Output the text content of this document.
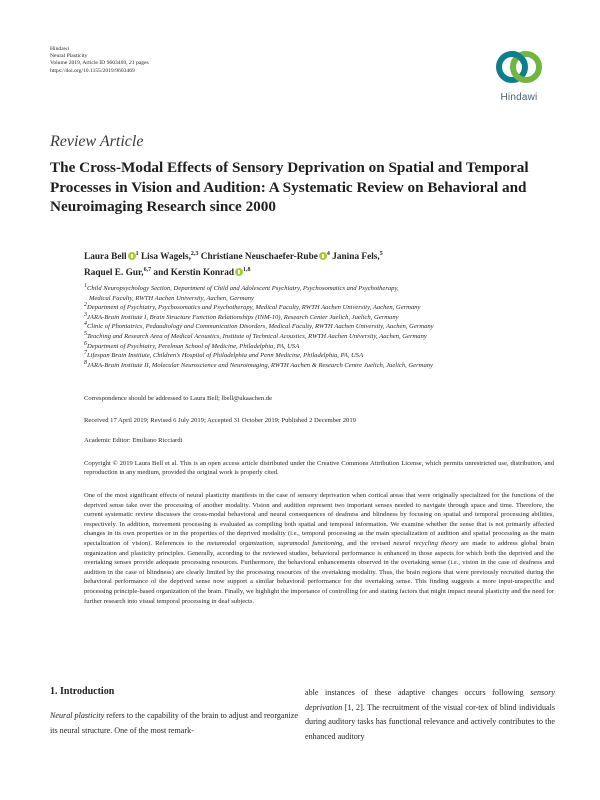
Hindawi
Neural Plasticity
Volume 2019, Article ID 9603469, 21 pages
https://doi.org/10.1155/2019/9603469
Hindawi
Review Article
The Cross-Modal Effects of Sensory Deprivation on Spatial and Temporal Processes in Vision and Audition: A Systematic Review on Behavioral and Neuroimaging Research since 2000
Laura Bell $^1$ Lisa Wagels,$^{2,3}$ Christiane Neuschaefer-Rube $^4$ Janina Fels,$^5$
Raquel E. Gur,$^{6,7}$ and Kerstin Konrad $^{1,8}$
$^1$Child Neuropsychology Section, Department of Child and Adolescent Psychiatry, Psychosomatics and Psychotherapy,
Medical Faculty, RWTH Aachen University, Aachen, Germany
$^2$Department of Psychiatry, Psychosomatics and Psychotherapy, Medical Faculty, RWTH Aachen University, Aachen, Germany
$^3$JARA-Brain Institute I, Brain Structure Function Relationships (INM-10), Research Center Juelich, Juelich, Germany
$^4$Clinic of Phoniatrics, Pedaudiology and Communication Disorders, Medical Faculty, RWTH Aachen University, Aachen, Germany
$^5$Teaching and Research Area of Medical Acoustics, Institute of Technical Acoustics, RWTH Aachen University, Aachen, Germany
$^6$Department of Psychiatry, Perelman School of Medicine, Philadelphia, PA, USA
$^7$Lifespan Brain Institute, Children's Hospital of Philadelphia and Penn Medicine, Philadelphia, PA, USA
$^8$JARA-Brain Institute II, Molecular Neuroscience and Neuroimaging, RWTH Aachen & Research Centre Juelich, Juelich, Germany
Correspondence should be addressed to Laura Bell; lbell@ukaachen.de
Received 17 April 2019; Revised 6 July 2019; Accepted 31 October 2019; Published 2 December 2019
Academic Editor: Emiliano Ricciardi
Copyright © 2019 Laura Bell et al. This is an open access article distributed under the Creative Commons Attribution License, which permits unrestricted use, distribution, and reproduction in any medium, provided the original work is properly cited.
One of the most significant effects of neural plasticity manifests in the case of sensory deprivation when cortical areas that were originally specialized for the functions of the deprived sense take over the processing of another modality. Vision and audition represent two important senses needed to navigate through space and time. Therefore, the current systematic review discusses the cross-modal behavioral and neural consequences of deafness and blindness by focusing on spatial and temporal processing abilities, respectively. In addition, movement processing is evaluated as compiling both spatial and temporal information. We examine whether the sense that is not primarily affected changes in its own properties or in the properties of the deprived modality (i.e., temporal processing as the main specialization of audition and spatial processing as the main specialization of vision). References to the metamodal organization, supramodal functioning, and the revised neural recycling theory are made to address global brain organization and plasticity principles. Generally, according to the reviewed studies, behavioral performance is enhanced in those aspects for which both the deprived and the overtaking senses provide adequate processing resources. Furthermore, the behavioral enhancements observed in the overtaking sense (i.e., vision in the case of deafness and audition in the case of blindness) are clearly limited by the processing resources of the overtaking modality. Thus, the brain regions that were previously recruited during the behavioral performance of the deprived sense now support a similar behavioral performance for the overtaking sense. This finding suggests a more input-unspecific and processing principle-based organization of the brain. Finally, we highlight the importance of controlling for and stating factors that might impact neural plasticity and the need for further research into visual temporal processing in deaf subjects.
1. Introduction
Neural plasticity refers to the capability of the brain to adjust and reorganize its neural structure. One of the most remark-
able instances of these adaptive changes occurs following sensory deprivation [1, 2]. The recruitment of the visual cor-tex of blind individuals during auditory tasks has functional relevance and actively contributes to the enhanced auditory
